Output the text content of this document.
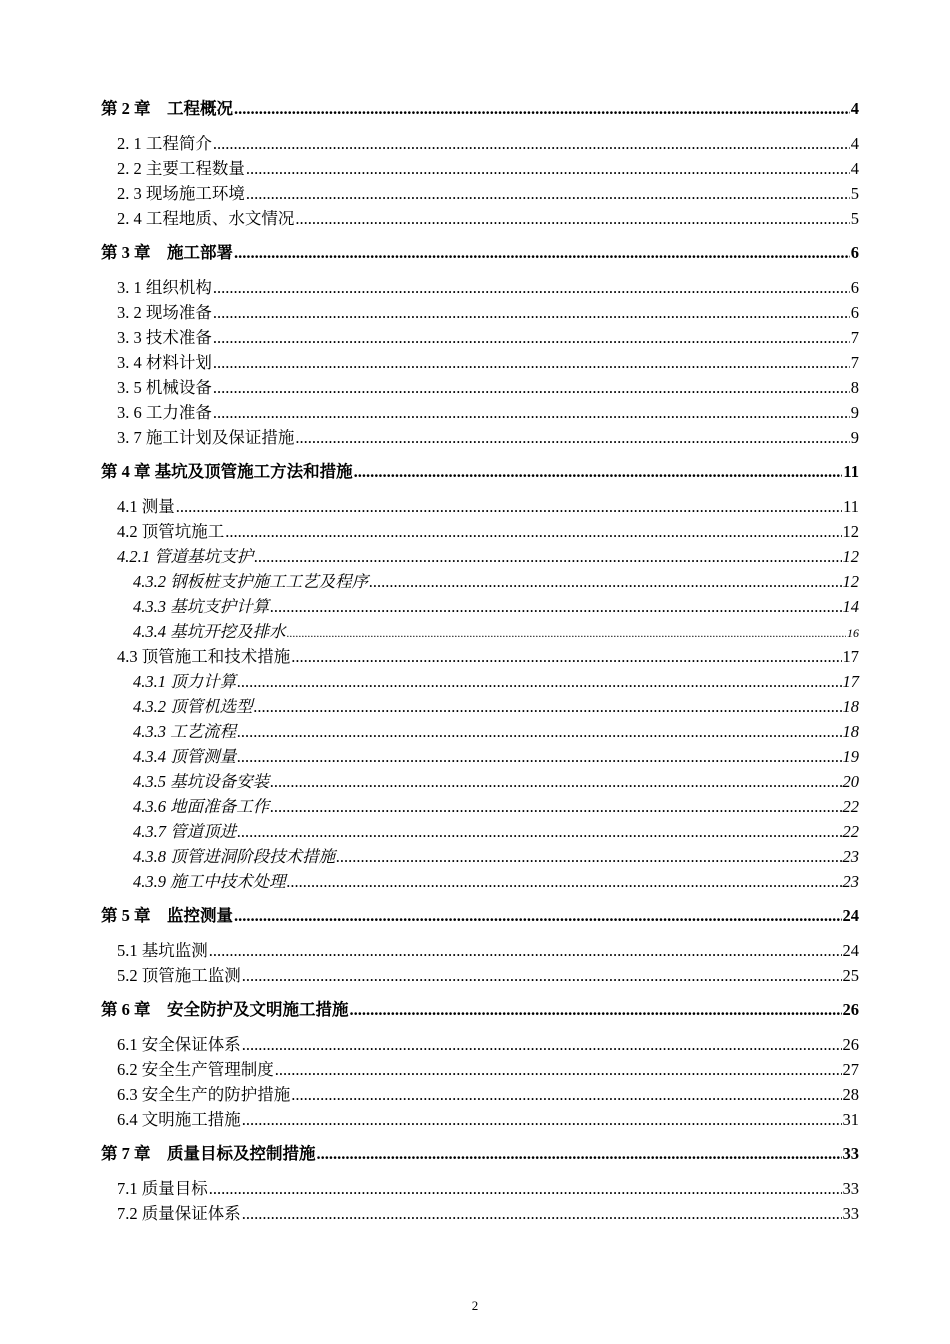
第 2 章　工程概况 .....	4
2. 1 工程简介 .....	4
2. 2 主要工程数量 .....	4
2. 3 现场施工环境 .....	5
2. 4 工程地质、水文情况 .....	5
第 3 章　施工部署 .....	6
3. 1 组织机构 .....	6
3. 2 现场准备 .....	6
3. 3 技术准备 .....	7
3. 4 材料计划 .....	7
3. 5 机械设备 .....	8
3. 6 工力准备 .....	9
3. 7 施工计划及保证措施 .....	9
第 4 章 基坑及顶管施工方法和措施 .....	11
4.1 测量 .....	11
4.2 顶管坑施工 .....	12
4.2.1 管道基坑支护 .....	12
4.3.2 钢板桩支护施工工艺及程序 .....	12
4.3.3 基坑支护计算 .....	14
4.3.4 基坑开挖及排水 .....	16
4.3 顶管施工和技术措施 .....	17
4.3.1 顶力计算 .....	17
4.3.2 顶管机选型 .....	18
4.3.3 工艺流程 .....	18
4.3.4 顶管测量 .....	19
4.3.5 基坑设备安装 .....	20
4.3.6 地面准备工作 .....	22
4.3.7 管道顶进 .....	22
4.3.8 顶管进洞阶段技术措施 .....	23
4.3.9 施工中技术处理 .....	23
第 5 章　监控测量 .....	24
5.1 基坑监测 .....	24
5.2 顶管施工监测 .....	25
第 6 章　安全防护及文明施工措施 .....	26
6.1 安全保证体系 .....	26
6.2 安全生产管理制度 .....	27
6.3 安全生产的防护措施 .....	28
6.4 文明施工措施 .....	31
第 7 章　质量目标及控制措施 .....	33
7.1 质量目标 .....	33
7.2 质量保证体系 .....	33
2
